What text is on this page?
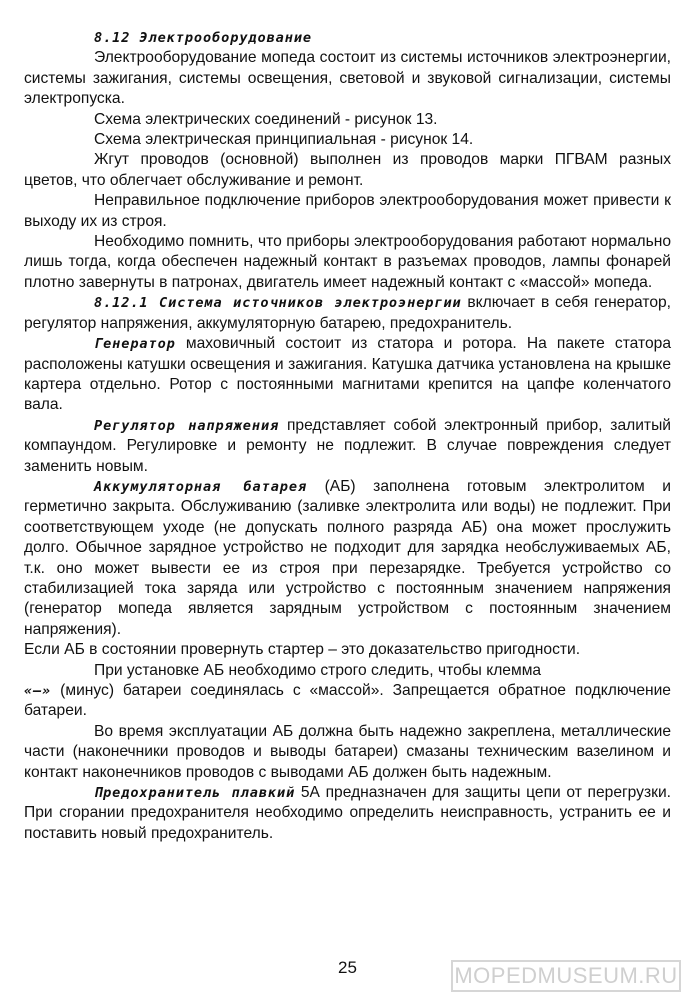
8.12 Электрооборудование

Электрооборудование мопеда состоит из системы источников электроэнергии, системы зажигания, системы освещения, световой и звуковой сигнализации, системы электропуска.

Схема электрических соединений - рисунок 13.

Схема электрическая принципиальная - рисунок 14.

Жгут проводов (основной) выполнен из проводов марки ПГВАМ разных цветов, что облегчает обслуживание и ремонт.

Неправильное подключение приборов электрооборудования может привести к выходу их из строя.

Необходимо помнить, что приборы электрооборудования работают нормально лишь тогда, когда обеспечен надежный контакт в разъемах проводов, лампы фонарей плотно завернуты в патронах, двигатель имеет надежный контакт с «массой» мопеда.

8.12.1 Система источников электроэнергии включает в себя генератор, регулятор напряжения, аккумуляторную батарею, предохранитель.

Генератор маховичный состоит из статора и ротора. На пакете статора расположены катушки освещения и зажигания. Катушка датчика установлена на крышке картера отдельно. Ротор с постоянными магнитами крепится на цапфе коленчатого вала.

Регулятор напряжения представляет собой электронный прибор, залитый компаундом. Регулировке и ремонту не подлежит. В случае повреждения следует заменить новым.

Аккумуляторная батарея (АБ) заполнена готовым электролитом и герметично закрыта. Обслуживанию (заливке электролита или воды) не подлежит. При соответствующем уходе (не допускать полного разряда АБ) она может прослужить долго. Обычное зарядное устройство не подходит для зарядка необслуживаемых АБ, т.к. оно может вывести ее из строя при перезарядке. Требуется устройство со стабилизацией тока заряда или устройство с постоянным значением напряжения (генератор мопеда является зарядным устройством с постоянным значением напряжения).

Если АБ в состоянии провернуть стартер – это доказательство пригодности.

При установке АБ необходимо строго следить, чтобы клемма

«–» (минус) батареи соединялась с «массой». Запрещается обратное подключение батареи.

Во время эксплуатации АБ должна быть надежно закреплена, металлические части (наконечники проводов и выводы батареи) смазаны техническим вазелином и контакт наконечников проводов с выводами АБ должен быть надежным.

Предохранитель плавкий 5А предназначен для защиты цепи от перегрузки. При сгорании предохранителя необходимо определить неисправность, устранить ее и поставить новый предохранитель.

25	MOPEDMUSEUM.RU
